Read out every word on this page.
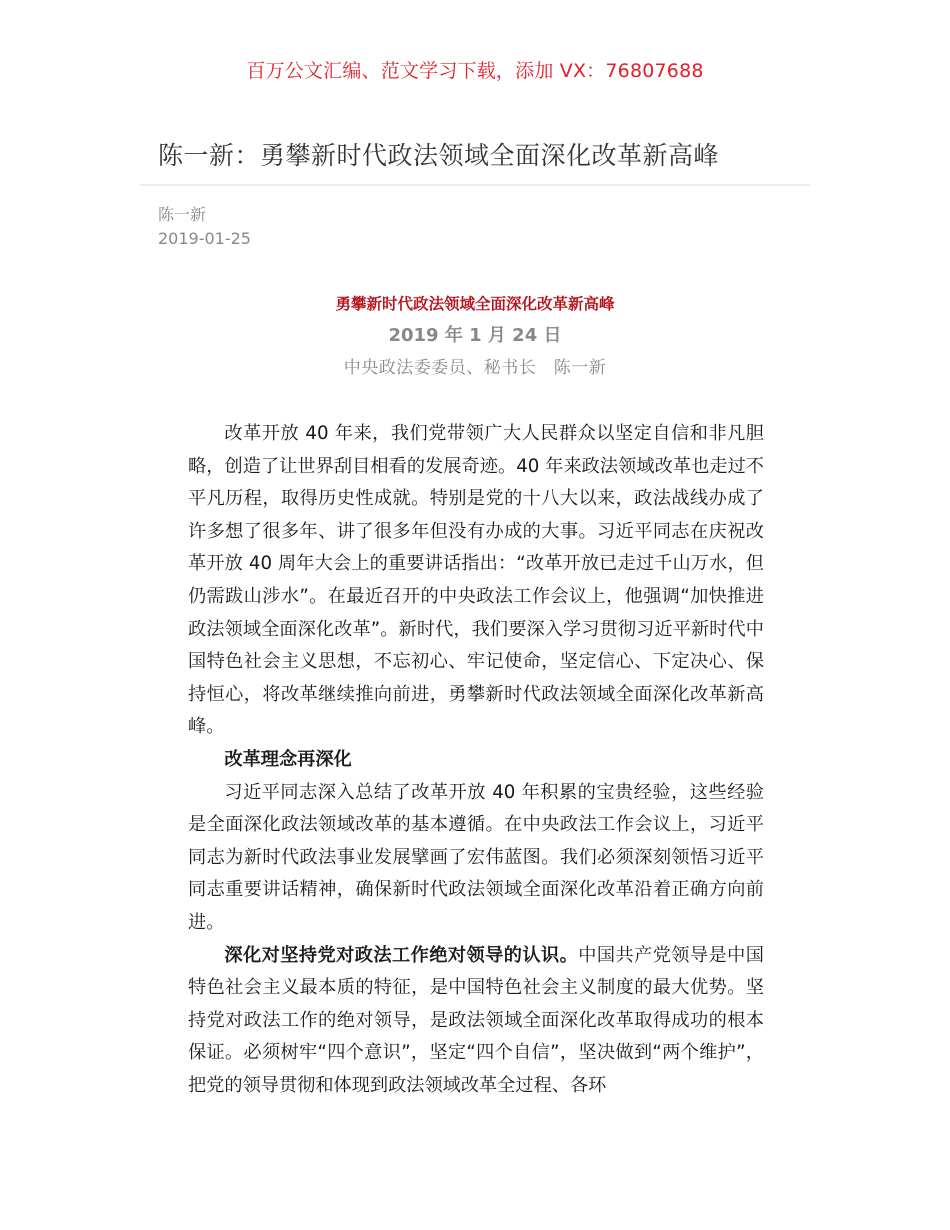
百万公文汇编、范文学习下载，添加 VX：76807688
陈一新：勇攀新时代政法领域全面深化改革新高峰
陈一新
2019-01-25
勇攀新时代政法领域全面深化改革新高峰
2019 年 1 月 24 日
中央政法委委员、秘书长　陈一新

改革开放 40 年来，我们党带领广大人民群众以坚定自信和非凡胆略，创造了让世界刮目相看的发展奇迹。40 年来政法领域改革也走过不平凡历程，取得历史性成就。特别是党的十八大以来，政法战线办成了许多想了很多年、讲了很多年但没有办成的大事。习近平同志在庆祝改革开放 40 周年大会上的重要讲话指出：“改革开放已走过千山万水，但仍需跋山涉水”。在最近召开的中央政法工作会议上，他强调“加快推进政法领域全面深化改革”。新时代，我们要深入学习贯彻习近平新时代中国特色社会主义思想，不忘初心、牢记使命，坚定信心、下定决心、保持恒心，将改革继续推向前进，勇攀新时代政法领域全面深化改革新高峰。

改革理念再深化

习近平同志深入总结了改革开放 40 年积累的宝贵经验，这些经验是全面深化政法领域改革的基本遵循。在中央政法工作会议上，习近平同志为新时代政法事业发展擘画了宏伟蓝图。我们必须深刻领悟习近平同志重要讲话精神，确保新时代政法领域全面深化改革沿着正确方向前进。

深化对坚持党对政法工作绝对领导的认识。中国共产党领导是中国特色社会主义最本质的特征，是中国特色社会主义制度的最大优势。坚持党对政法工作的绝对领导，是政法领域全面深化改革取得成功的根本保证。必须树牢“四个意识”，坚定“四个自信”，坚决做到“两个维护”，把党的领导贯彻和体现到政法领域改革全过程、各环
